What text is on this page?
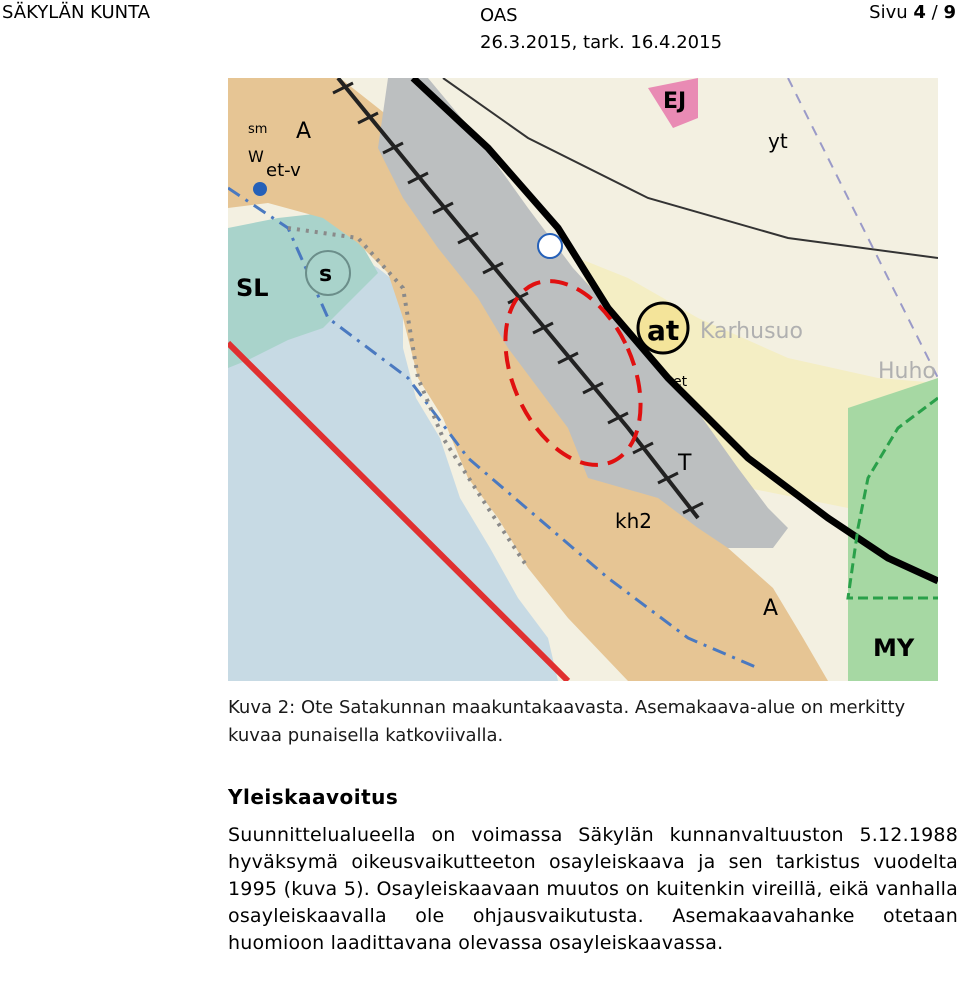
SÄKYLÄN KUNTA	OAS
26.3.2015, tark. 16.4.2015
Sivu 4 / 9
A
sm
W
et-v
EJ
yt
s
SL
at Karhusuo
Huho
et
T
kh2
A
MY
Kuva 2: Ote Satakunnan maakuntakaavasta. Asemakaava-alue on merkitty kuvaa punaisella katkoviivalla.
Yleiskaavoitus
Suunnittelualueella on voimassa Säkylän kunnanvaltuuston 5.12.1988 hyväksymä oikeusvaikutteeton osayleiskaava ja sen tarkistus vuodelta 1995 (kuva 5). Osayleiskaavaan muutos on kuitenkin vireillä, eikä vanhalla osayleiskaavalla ole ohjausvaikutusta. Asemakaavahanke otetaan huomioon laadittavana olevassa osayleiskaavassa.
